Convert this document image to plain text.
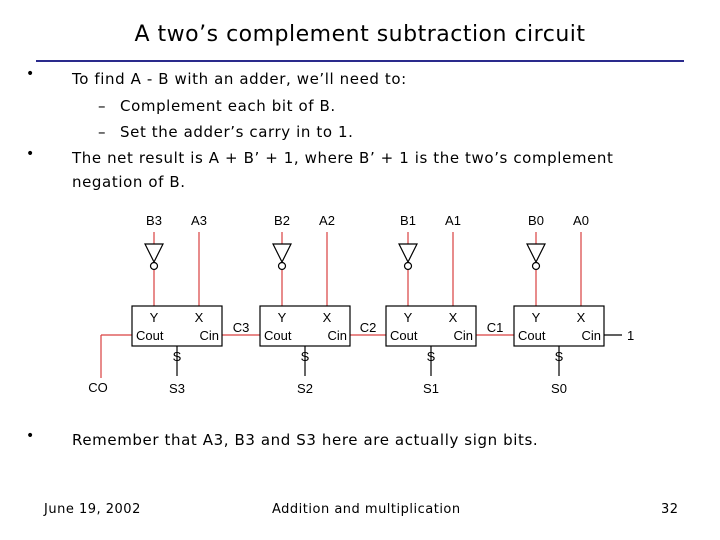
A two’s complement subtraction circuit
• To find A - B with an adder, we’ll need to:
– Complement each bit of B.
– Set the adder’s carry in to 1.
• The net result is A + B’ + 1, where B’ + 1 is the two’s complement
negation of B.
• Remember that A3, B3 and S3 here are actually sign bits.
B3 A3
Y	X
Cout	Cin
S
S3
B2 A2
Y	X
Cout	Cin
S
S2
B1 A1
Y	X
Cout	Cin
S
S1
B0 A0
Y	X
Cout	Cin
S
S0
C3	C2	C1
1
CO
June 19, 2002	Addition and multiplication	32
